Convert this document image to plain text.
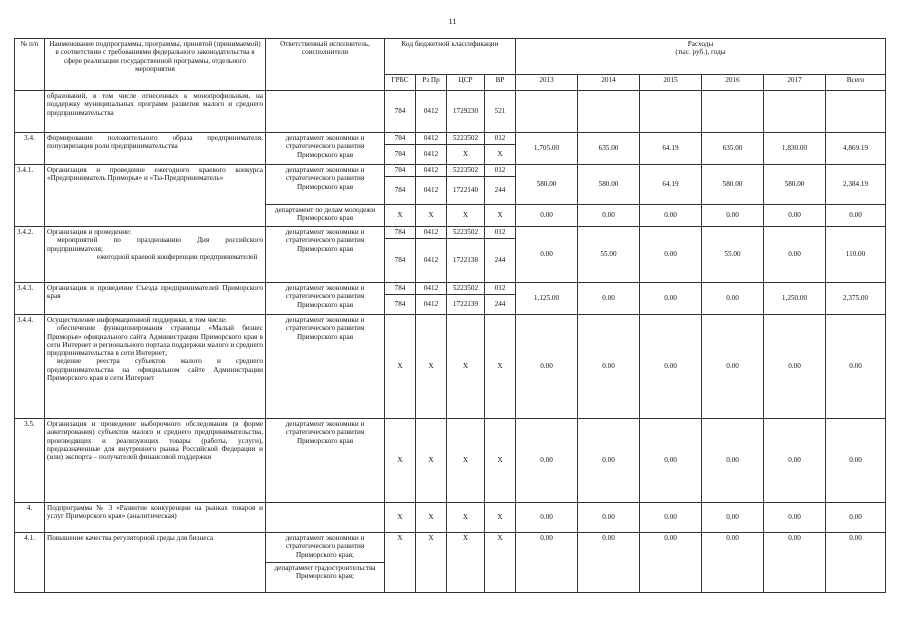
11
№ п/п	Наименование подпрограммы, программы, принятой (принимаемой) в соответствии с требованиями федерального законодательства в сфере реализации государственной программы, отдельного мероприятия	Ответственный исполнитель, соисполнители	Код бюджетной классификации				Расходы
(тыс. руб.), годы					
			ГРБС	Рз Пр	ЦСР	ВР	2013	2014	2015	2016	2017	Всего
	образований, в том числе отнесенных к монопрофильным, на поддержку муниципальных программ развития малого и среднего предпринимательства		784	0412	1729230	521						
3.4.	Формирование положительного образа предпринимателя, популяризация роли предпринимательства	департамент экономики и стратегического развития Приморского края	784	0412	5223502	012	1,705.00	635.00	64.19	635.00	1,830.00	4,869.19
			784	0412	X	X						
3.4.1.	Организация и проведение ежегодного краевого конкурса «Предприниматель Приморья» и «Ты-Предприниматель»	департамент экономики и стратегического развития Приморского края	784	0412	5223502	012	580.00	580.00	64.19	580.00	580.00	2,384.19
			784	0412	1722140	244						
		департамент по делам молодежи Приморского края	X	X	X	X	0.00	0.00	0.00	0.00	0.00	0.00
3.4.2.	Организация и проведение:
мероприятий по празднованию Дня российского предпринимателя;
ежегодной краевой конференции предпринимателей	департамент экономики и стратегического развития Приморского края	784	0412	5223502	012	0.00	55.00	0.00	55.00	0.00	110.00
			784	0412	1722138	244						
3.4.3.	Организация и проведение Съезда предпринимателей Приморского края	департамент экономики и стратегического развития Приморского края	784	0412	5223502	012	1,125.00	0.00	0.00	0.00	1,250.00	2,375.00
			784	0412	1722139	244						
3.4.4.	Осуществление информационной поддержки, в том числе:
обеспечение функционирования страницы «Малый бизнес Приморья» официального сайта Администрации Приморского края в сети Интернет и регионального портала поддержки малого и среднего предпринимательства в сети Интернет;
ведение реестра субъектов малого и среднего предпринимательства на официальном сайте Администрации Приморского края в сети Интернет	департамент экономики и стратегического развития Приморского края	X	X	X	X	0.00	0.00	0.00	0.00	0.00	0.00
3.5.	Организация и проведение выборочного обследования (в форме анкетирования) субъектов малого и среднего предпринимательства, производящих и реализующих товары (работы, услуги), предназначенные для внутреннего рынка Российской Федерации и (или) экспорта – получателей финансовой поддержки	департамент экономики и стратегического развития Приморского края	X	X	X	X	0.00	0.00	0.00	0.00	0.00	0.00
4.	Подпрограмма № 3 «Развитие конкуренции на рынках товаров и услуг Приморского края» (аналитическая)		X	X	X	X	0.00	0.00	0.00	0.00	0.00	0.00
4.1.	Повышение качества регуляторной среды для бизнеса	департамент экономики и стратегического развития Приморского края;	X	X	X	X	0.00	0.00	0.00	0.00	0.00	0.00
		департамент градостроительства Приморского края;										
